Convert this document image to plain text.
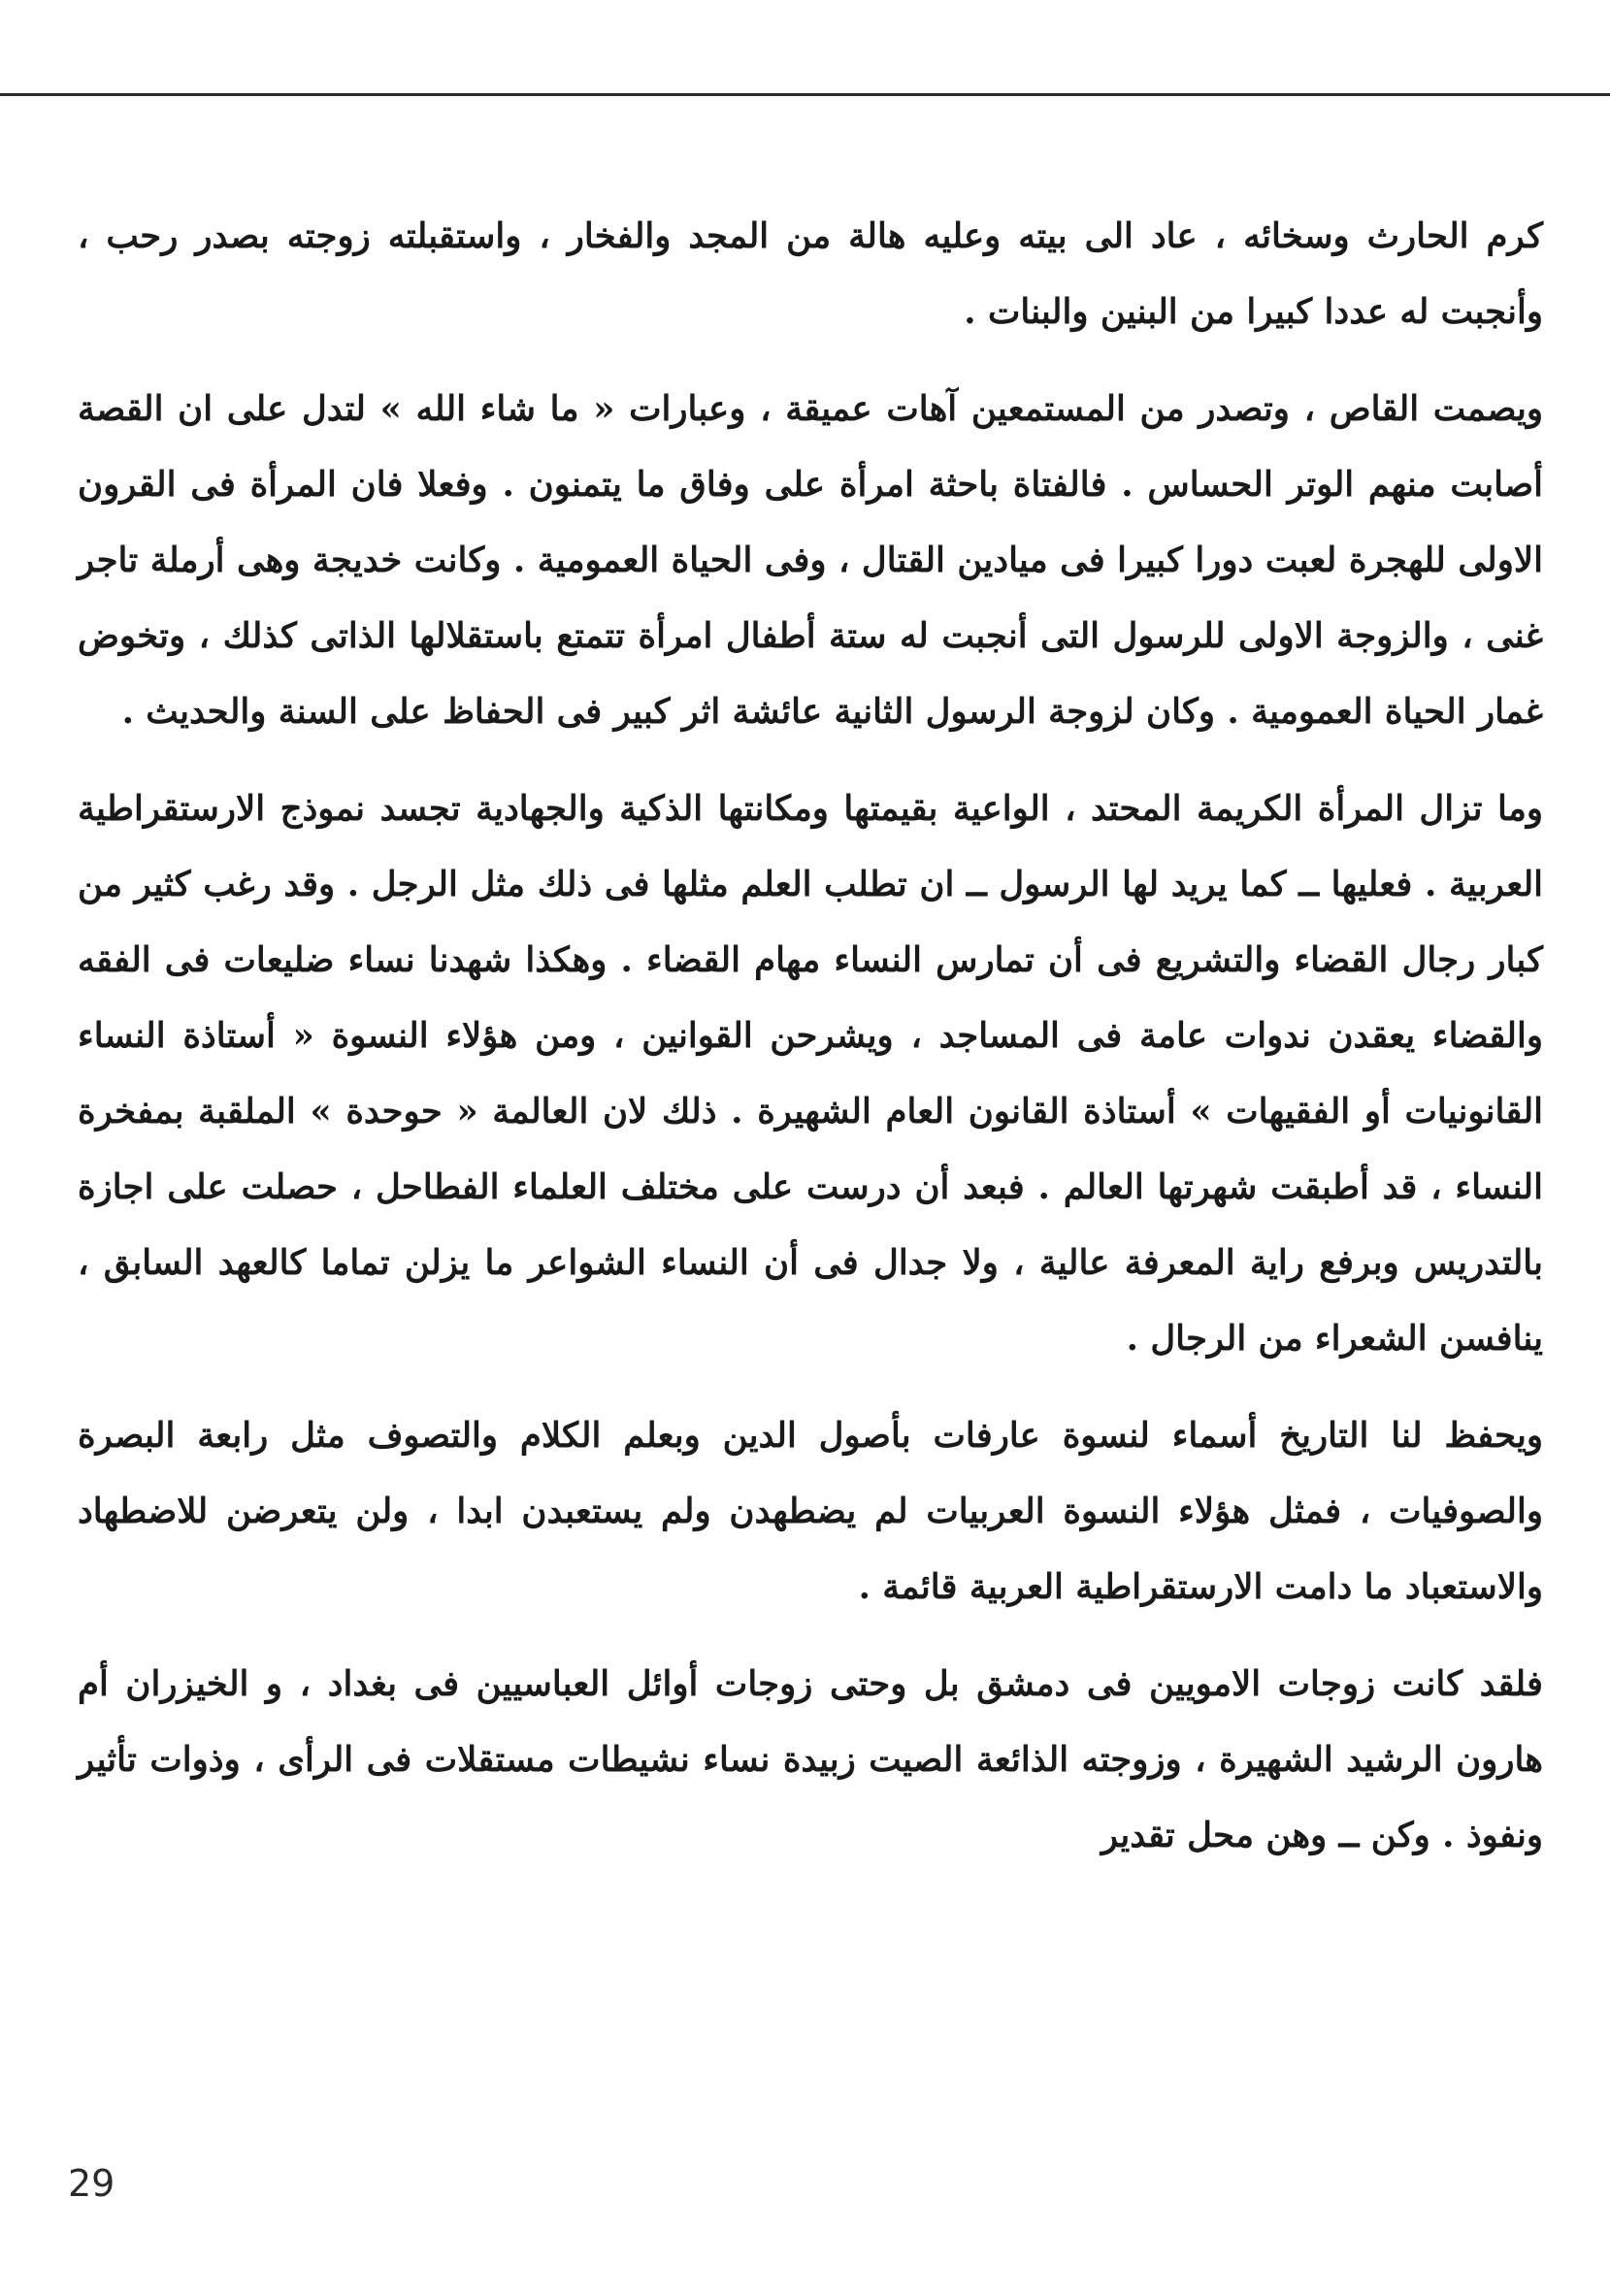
كرم الحارث وسخائه ، عاد الى بيته وعليه هالة من المجد والفخار ، واستقبلته زوجته بصدر رحب ، وأنجبت له عددا كبيرا من البنين والبنات .

ويصمت القاص ، وتصدر من المستمعين آهات عميقة ، وعبارات « ما شاء الله » لتدل على ان القصة أصابت منهم الوتر الحساس . فالفتاة باحثة امرأة على وفاق ما يتمنون . وفعلا فان المرأة فى القرون الاولى للهجرة لعبت دورا كبيرا فى ميادين القتال ، وفى الحياة العمومية . وكانت خديجة وهى أرملة تاجر غنى ، والزوجة الاولى للرسول التى أنجبت له ستة أطفال امرأة تتمتع باستقلالها الذاتى كذلك ، وتخوض غمار الحياة العمومية . وكان لزوجة الرسول الثانية عائشة اثر كبير فى الحفاظ على السنة والحديث .

وما تزال المرأة الكريمة المحتد ، الواعية بقيمتها ومكانتها الذكية والجهادية تجسد نموذج الارستقراطية العربية . فعليها ــ كما يريد لها الرسول ــ ان تطلب العلم مثلها فى ذلك مثل الرجل . وقد رغب كثير من كبار رجال القضاء والتشريع فى أن تمارس النساء مهام القضاء . وهكذا شهدنا نساء ضليعات فى الفقه والقضاء يعقدن ندوات عامة فى المساجد ، ويشرحن القوانين ، ومن هؤلاء النسوة « أستاذة النساء القانونيات أو الفقيهات » أستاذة القانون العام الشهيرة . ذلك لان العالمة « حوحدة » الملقبة بمفخرة النساء ، قد أطبقت شهرتها العالم . فبعد أن درست على مختلف العلماء الفطاحل ، حصلت على اجازة بالتدريس وبرفع راية المعرفة عالية ، ولا جدال فى أن النساء الشواعر ما يزلن تماما كالعهد السابق ، ينافسن الشعراء من الرجال .

ويحفظ لنا التاريخ أسماء لنسوة عارفات بأصول الدين وبعلم الكلام والتصوف مثل رابعة البصرة والصوفيات ، فمثل هؤلاء النسوة العربيات لم يضطهدن ولم يستعبدن ابدا ، ولن يتعرضن للاضطهاد والاستعباد ما دامت الارستقراطية العربية قائمة .

فلقد كانت زوجات الامويين فى دمشق بل وحتى زوجات أوائل العباسيين فى بغداد ، و الخيزران أم هارون الرشيد الشهيرة ، وزوجته الذائعة الصيت زبيدة نساء نشيطات مستقلات فى الرأى ، وذوات تأثير ونفوذ . وكن ــ وهن محل تقدير

29
